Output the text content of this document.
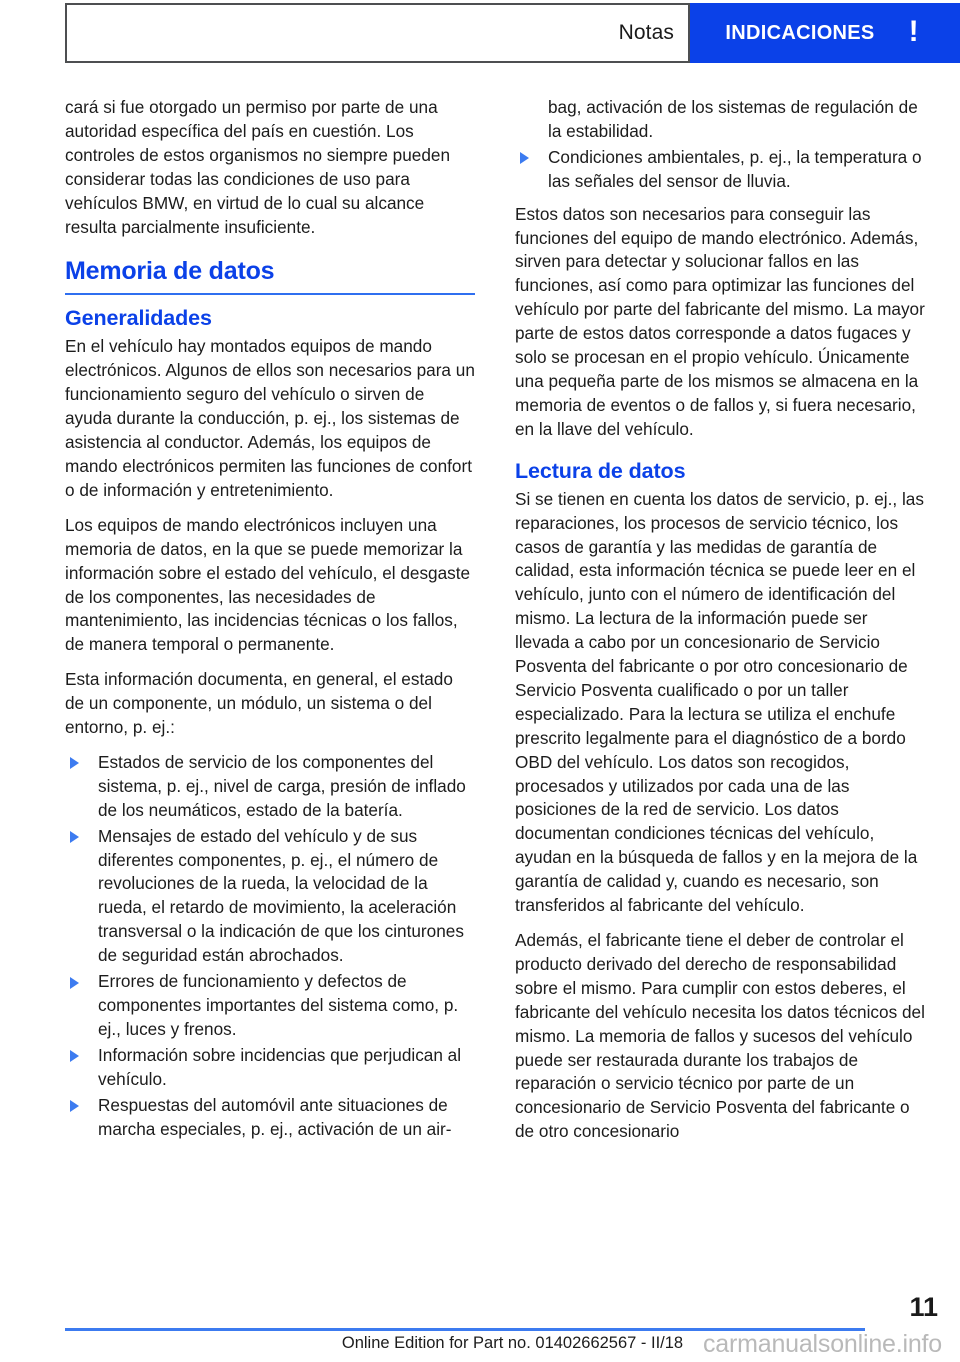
Notas	INDICACIONES !

cará si fue otorgado un permiso por parte de una autoridad específica del país en cuestión. Los controles de estos organismos no siempre pueden considerar todas las condiciones de uso para vehículos BMW, en virtud de lo cual su alcance resulta parcialmente insuficiente.

Memoria de datos
Generalidades

En el vehículo hay montados equipos de mando electrónicos. Algunos de ellos son necesarios para un funcionamiento seguro del vehículo o sirven de ayuda durante la conducción, p. ej., los sistemas de asistencia al conductor. Además, los equipos de mando electrónicos permiten las funciones de confort o de información y entretenimiento.

Los equipos de mando electrónicos incluyen una memoria de datos, en la que se puede memorizar la información sobre el estado del vehículo, el desgaste de los componentes, las necesidades de mantenimiento, las incidencias técnicas o los fallos, de manera temporal o permanente.

Esta información documenta, en general, el estado de un componente, un módulo, un sistema o del entorno, p. ej.:

Estados de servicio de los componentes del sistema, p. ej., nivel de carga, presión de inflado de los neumáticos, estado de la batería.
Mensajes de estado del vehículo y de sus diferentes componentes, p. ej., el número de revoluciones de la rueda, la velocidad de la rueda, el retardo de movimiento, la aceleración transversal o la indicación de que los cinturones de seguridad están abrochados.
Errores de funcionamiento y defectos de componentes importantes del sistema como, p. ej., luces y frenos.
Información sobre incidencias que perjudican al vehículo.
Respuestas del automóvil ante situaciones de marcha especiales, p. ej., activación de un air-
bag, activación de los sistemas de regulación de la estabilidad.
Condiciones ambientales, p. ej., la temperatura o las señales del sensor de lluvia.

Estos datos son necesarios para conseguir las funciones del equipo de mando electrónico. Además, sirven para detectar y solucionar fallos en las funciones, así como para optimizar las funciones del vehículo por parte del fabricante del mismo. La mayor parte de estos datos corresponde a datos fugaces y solo se procesan en el propio vehículo. Únicamente una pequeña parte de los mismos se almacena en la memoria de eventos o de fallos y, si fuera necesario, en la llave del vehículo.

Lectura de datos

Si se tienen en cuenta los datos de servicio, p. ej., las reparaciones, los procesos de servicio técnico, los casos de garantía y las medidas de garantía de calidad, esta información técnica se puede leer en el vehículo, junto con el número de identificación del mismo. La lectura de la información puede ser llevada a cabo por un concesionario de Servicio Posventa del fabricante o por otro concesionario de Servicio Posventa cualificado o por un taller especializado. Para la lectura se utiliza el enchufe prescrito legalmente para el diagnóstico de a bordo OBD del vehículo. Los datos son recogidos, procesados y utilizados por cada una de las posiciones de la red de servicio. Los datos documentan condiciones técnicas del vehículo, ayudan en la búsqueda de fallos y en la mejora de la garantía de calidad y, cuando es necesario, son transferidos al fabricante del vehículo.

Además, el fabricante tiene el deber de controlar el producto derivado del derecho de responsabilidad sobre el mismo. Para cumplir con estos deberes, el fabricante del vehículo necesita los datos técnicos del mismo. La memoria de fallos y sucesos del vehículo puede ser restaurada durante los trabajos de reparación o servicio técnico por parte de un concesionario de Servicio Posventa del fabricante o de otro concesionario

11
Online Edition for Part no. 01402662567 - II/18 carmanualsonline.info
